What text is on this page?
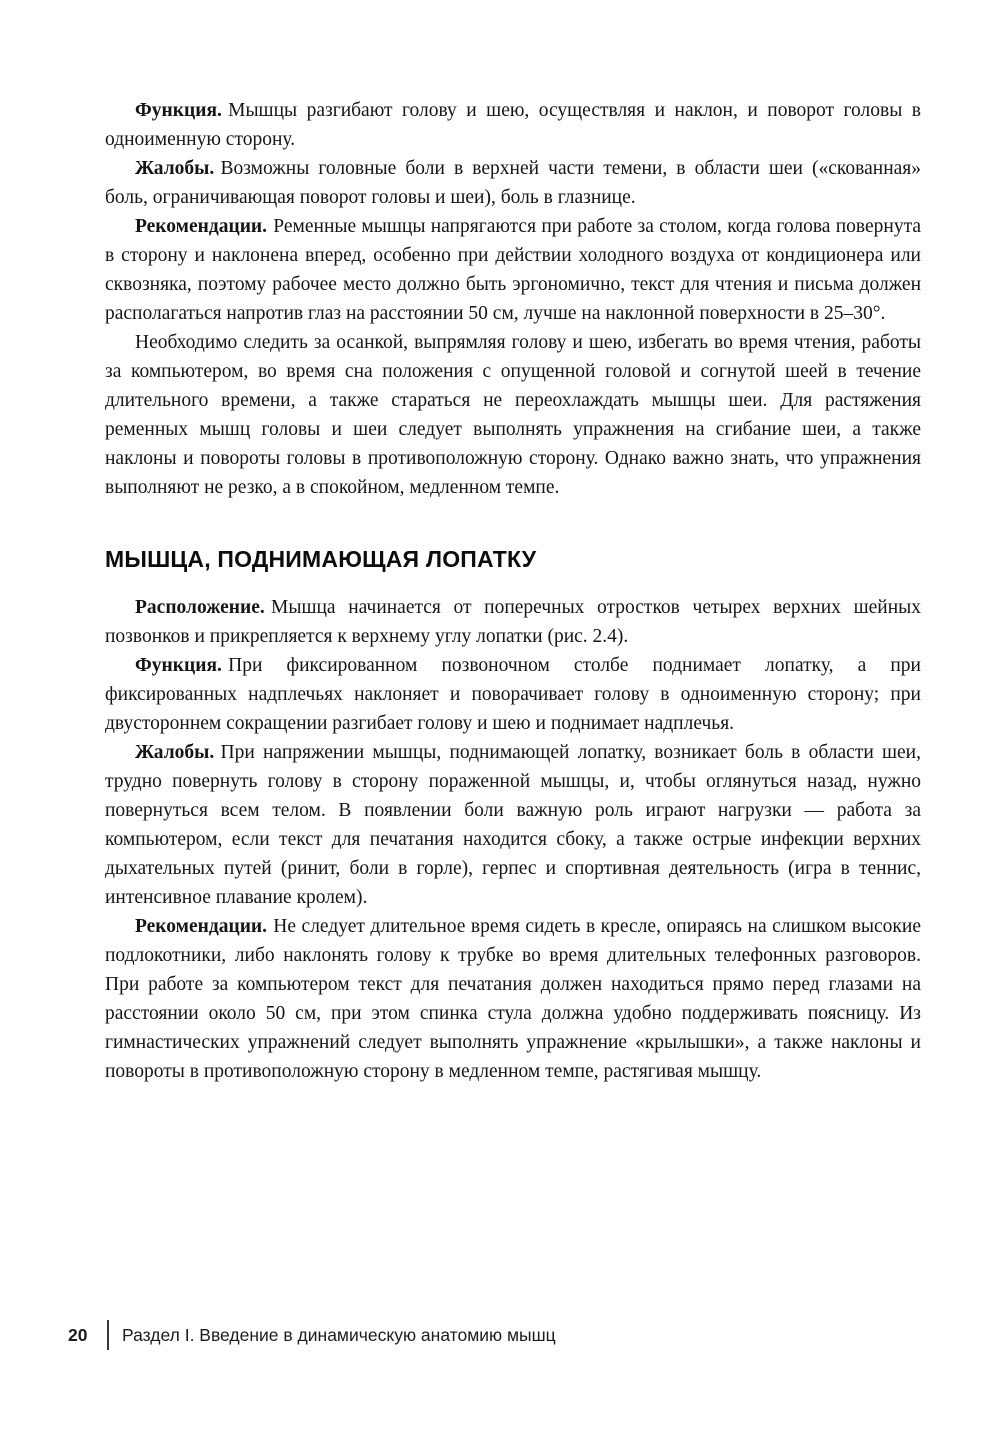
Функция. Мышцы разгибают голову и шею, осуществляя и наклон, и поворот головы в одноименную сторону.

Жалобы. Возможны головные боли в верхней части темени, в области шеи («скованная» боль, ограничивающая поворот головы и шеи), боль в глазнице.

Рекомендации. Ременные мышцы напрягаются при работе за столом, когда голова повернута в сторону и наклонена вперед, особенно при действии холодного воздуха от кондиционера или сквозняка, поэтому рабочее место должно быть эргономично, текст для чтения и письма должен располагаться напротив глаз на расстоянии 50 см, лучше на наклонной поверхности в 25–30°.

Необходимо следить за осанкой, выпрямляя голову и шею, избегать во время чтения, работы за компьютером, во время сна положения с опущенной головой и согнутой шеей в течение длительного времени, а также стараться не переохлаждать мышцы шеи. Для растяжения ременных мышц головы и шеи следует выполнять упражнения на сгибание шеи, а также наклоны и повороты головы в противоположную сторону. Однако важно знать, что упражнения выполняют не резко, а в спокойном, медленном темпе.

МЫШЦА, ПОДНИМАЮЩАЯ ЛОПАТКУ

Расположение. Мышца начинается от поперечных отростков четырех верхних шейных позвонков и прикрепляется к верхнему углу лопатки (рис. 2.4).

Функция. При фиксированном позвоночном столбе поднимает лопатку, а при фиксированных надплечьях наклоняет и поворачивает голову в одноименную сторону; при двустороннем сокращении разгибает голову и шею и поднимает надплечья.

Жалобы. При напряжении мышцы, поднимающей лопатку, возникает боль в области шеи, трудно повернуть голову в сторону пораженной мышцы, и, чтобы оглянуться назад, нужно повернуться всем телом. В появлении боли важную роль играют нагрузки — работа за компьютером, если текст для печатания находится сбоку, а также острые инфекции верхних дыхательных путей (ринит, боли в горле), герпес и спортивная деятельность (игра в теннис, интенсивное плавание кролем).

Рекомендации. Не следует длительное время сидеть в кресле, опираясь на слишком высокие подлокотники, либо наклонять голову к трубке во время длительных телефонных разговоров. При работе за компьютером текст для печатания должен находиться прямо перед глазами на расстоянии около 50 см, при этом спинка стула должна удобно поддерживать поясницу. Из гимнастических упражнений следует выполнять упражнение «крылышки», а также наклоны и повороты в противоположную сторону в медленном темпе, растягивая мышцу.

20	Раздел I. Введение в динамическую анатомию мышц
